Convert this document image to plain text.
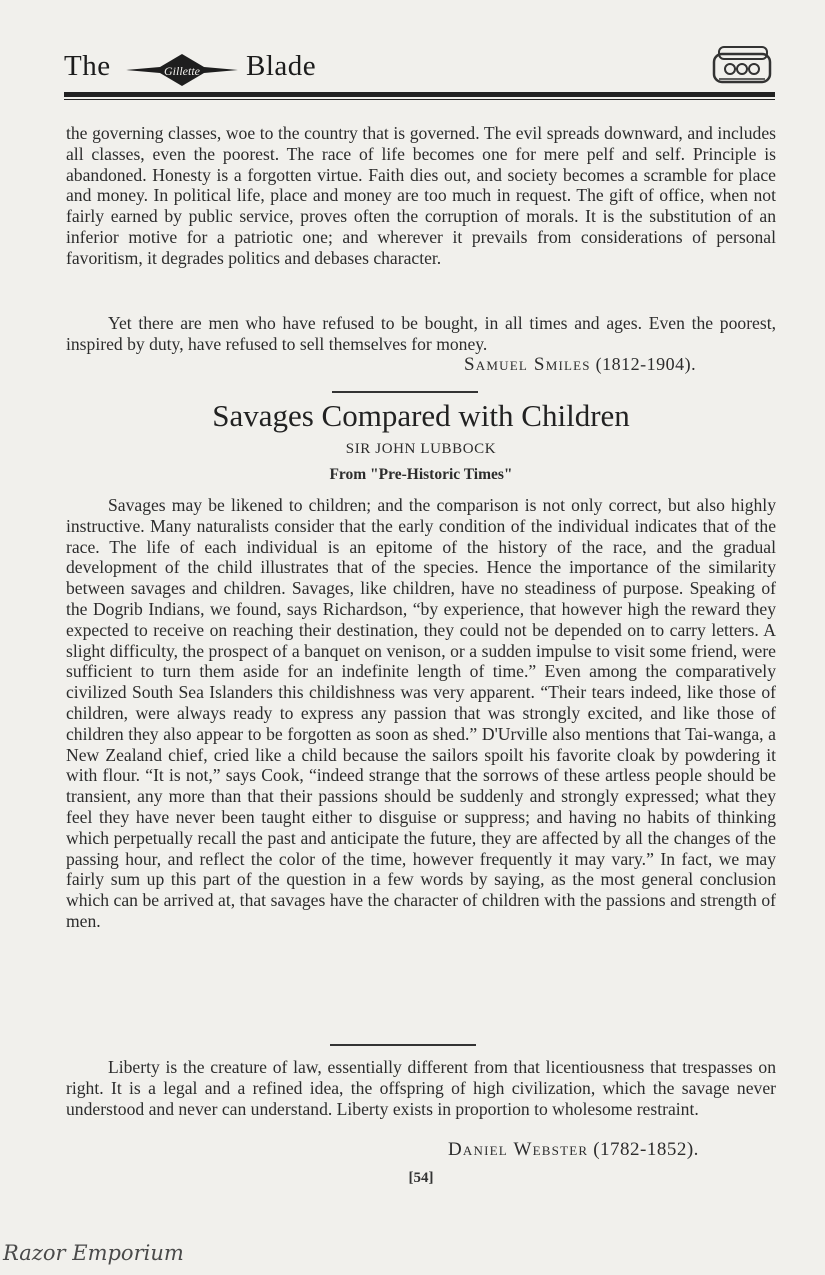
The	Gillette Blade

the governing classes, woe to the country that is governed. The evil spreads downward, and includes all classes, even the poorest. The race of life becomes one for mere pelf and self. Principle is abandoned. Honesty is a forgotten virtue. Faith dies out, and society becomes a scramble for place and money. In political life, place and money are too much in request. The gift of office, when not fairly earned by public service, proves often the corruption of morals. It is the substitution of an inferior motive for a patriotic one; and wherever it prevails from considerations of personal favoritism, it degrades politics and debases character.

Yet there are men who have refused to be bought, in all times and ages. Even the poorest, inspired by duty, have refused to sell themselves for money.

Samuel Smiles (1812-1904).
Savages Compared with Children
SIR JOHN LUBBOCK
From "Pre-Historic Times"

Savages may be likened to children; and the comparison is not only correct, but also highly instructive. Many naturalists consider that the early condition of the individual indicates that of the race. The life of each individual is an epitome of the history of the race, and the gradual development of the child illustrates that of the species. Hence the importance of the similarity between savages and children. Savages, like children, have no steadiness of purpose. Speaking of the Dogrib Indians, we found, says Richardson, “by experience, that however high the reward they expected to receive on reaching their destination, they could not be depended on to carry letters. A slight difficulty, the prospect of a banquet on venison, or a sudden impulse to visit some friend, were sufficient to turn them aside for an indefinite length of time.” Even among the comparatively civilized South Sea Islanders this childishness was very apparent. “Their tears indeed, like those of children, were always ready to express any passion that was strongly excited, and like those of children they also appear to be forgotten as soon as shed.” D'Urville also mentions that Tai-wanga, a New Zealand chief, cried like a child because the sailors spoilt his favorite cloak by powdering it with flour. “It is not,” says Cook, “indeed strange that the sorrows of these artless people should be transient, any more than that their passions should be suddenly and strongly expressed; what they feel they have never been taught either to disguise or suppress; and having no habits of thinking which perpetually recall the past and anticipate the future, they are affected by all the changes of the passing hour, and reflect the color of the time, however frequently it may vary.” In fact, we may fairly sum up this part of the question in a few words by saying, as the most general conclusion which can be arrived at, that savages have the character of children with the passions and strength of men.

Liberty is the creature of law, essentially different from that licentiousness that trespasses on right. It is a legal and a refined idea, the offspring of high civilization, which the savage never understood and never can understand. Liberty exists in proportion to wholesome restraint.

Daniel Webster (1782-1852).
[54]
Razor Emporium
